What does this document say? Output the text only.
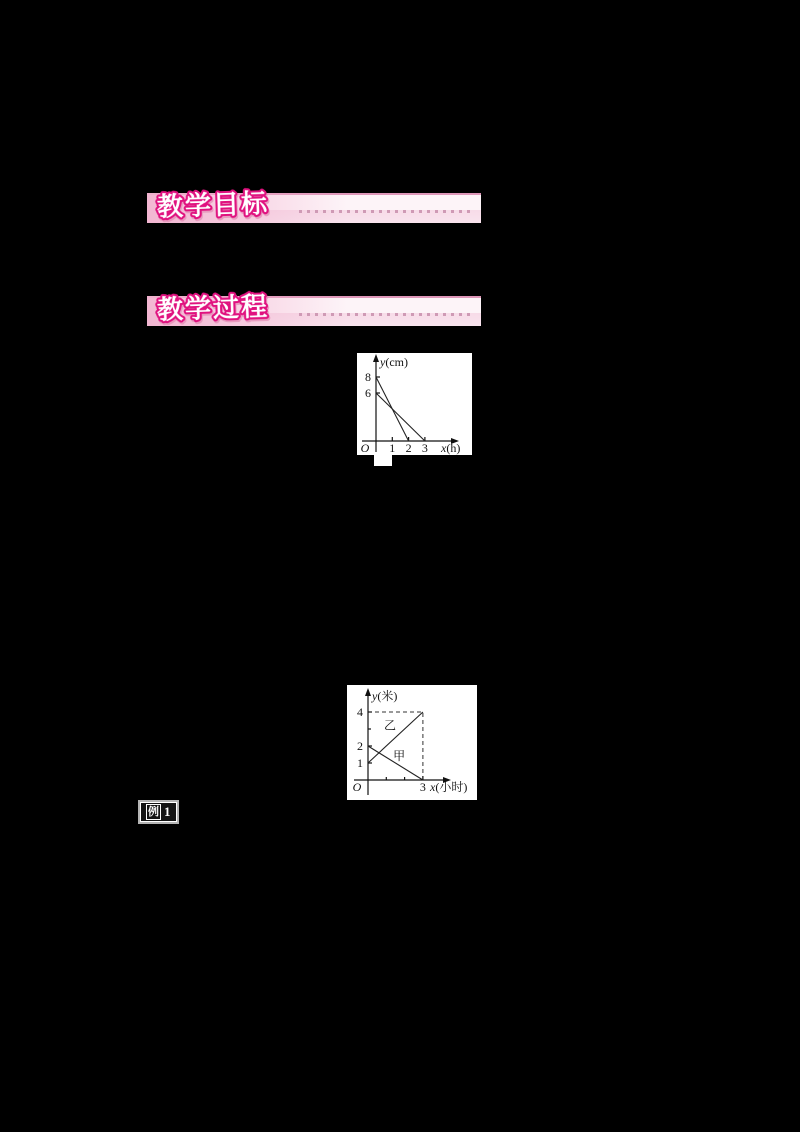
教学目标
教学过程
8
6
1 2 3
y(cm)
x(h)
O
4
2
1
3
乙
甲
y(米)
x(小时)
O
例 1
